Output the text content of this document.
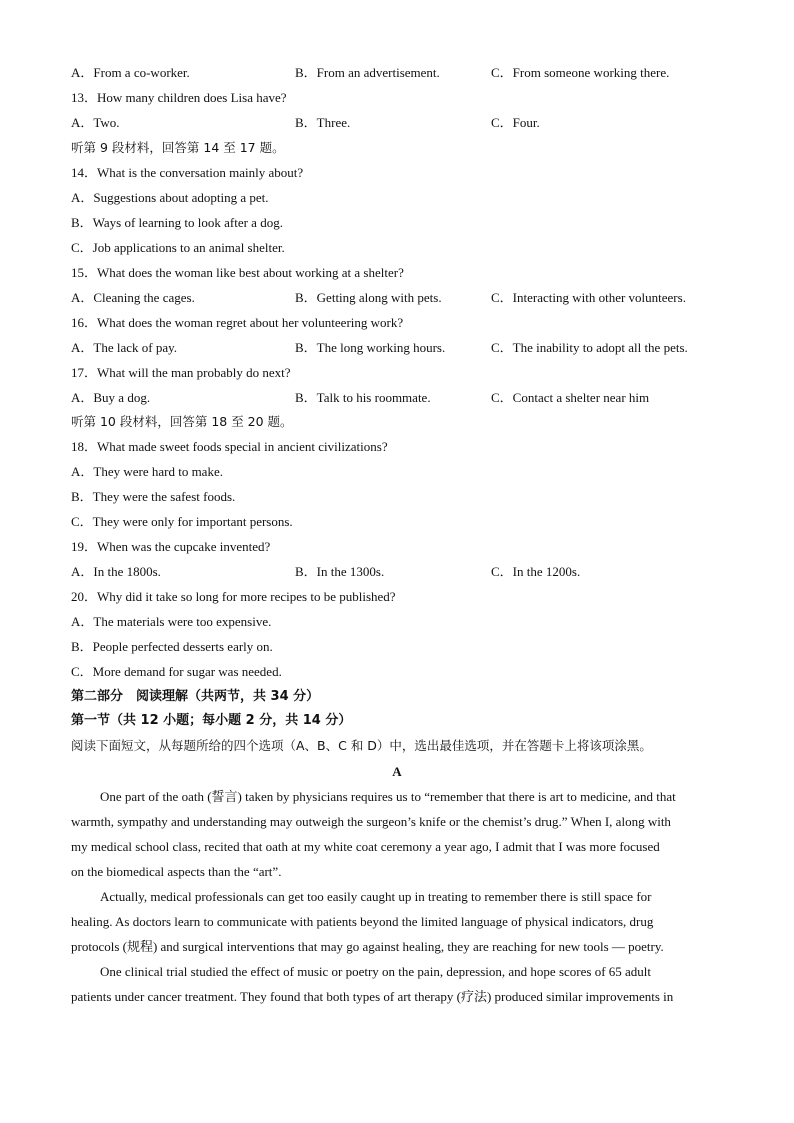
A．From a co-worker.	B．From an advertisement.	C．From someone working there.
13．How many children does Lisa have?
A．Two.	B．Three.	C．Four.
听第 9 段材料，回答第 14 至 17 题。
14．What is the conversation mainly about?
A．Suggestions about adopting a pet.
B．Ways of learning to look after a dog.
C．Job applications to an animal shelter.
15．What does the woman like best about working at a shelter?
A．Cleaning the cages.	B．Getting along with pets.	C．Interacting with other volunteers.
16．What does the woman regret about her volunteering work?
A．The lack of pay.	B．The long working hours.	C．The inability to adopt all the pets.
17．What will the man probably do next?
A．Buy a dog.	B．Talk to his roommate.	C．Contact a shelter near him
听第 10 段材料，回答第 18 至 20 题。
18．What made sweet foods special in ancient civilizations?
A．They were hard to make.
B．They were the safest foods.
C．They were only for important persons.
19．When was the cupcake invented?
A．In the 1800s.	B．In the 1300s.	C．In the 1200s.
20．Why did it take so long for more recipes to be published?
A．The materials were too expensive.
B．People perfected desserts early on.
C．More demand for sugar was needed.
第二部分　阅读理解（共两节，共 34 分）
第一节（共 12 小题；每小题 2 分，共 14 分）
阅读下面短文，从每题所给的四个选项（A、B、C 和 D）中，选出最佳选项，并在答题卡上将该项涂黑。
A
One part of the oath (誓言) taken by physicians requires us to “remember that there is art to medicine, and that
warmth, sympathy and understanding may outweigh the surgeon’s knife or the chemist’s drug.” When I, along with
my medical school class, recited that oath at my white coat ceremony a year ago, I admit that I was more focused
on the biomedical aspects than the “art”.
Actually, medical professionals can get too easily caught up in treating to remember there is still space for
healing. As doctors learn to communicate with patients beyond the limited language of physical indicators, drug
protocols (规程) and surgical interventions that may go against healing, they are reaching for new tools — poetry.
One clinical trial studied the effect of music or poetry on the pain, depression, and hope scores of 65 adult
patients under cancer treatment. They found that both types of art therapy (疗法) produced similar improvements in
